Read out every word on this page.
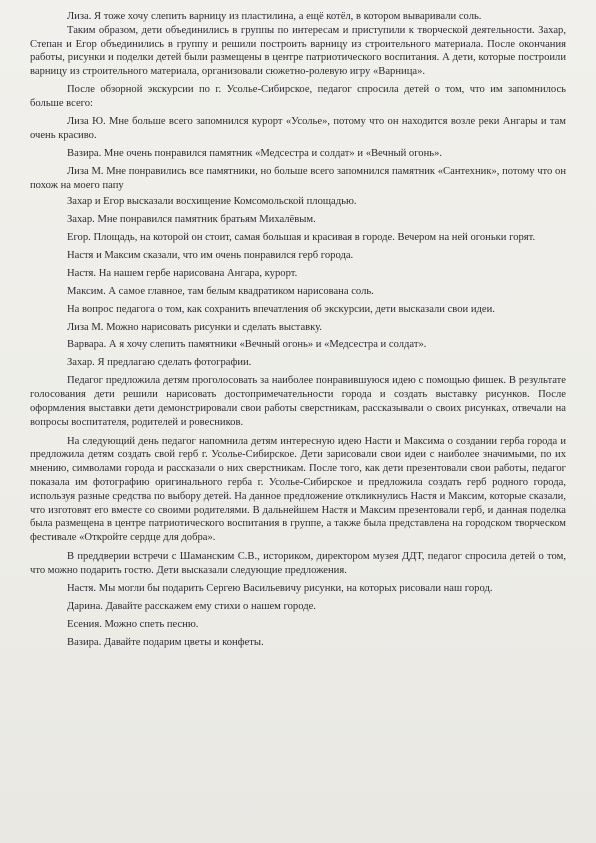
Лиза. Я тоже хочу слепить варницу из пластилина, а ещё котёл, в котором вываривали соль.

Таким образом, дети объединились в группы по интересам и приступили к творческой деятельности. Захар, Степан и Егор объединились в группу и решили построить варницу из строительного материала. После окончания работы, рисунки и поделки детей были размещены в центре патриотического воспитания. А дети, которые построили варницу из строительного материала, организовали сюжетно-ролевую игру «Варница».

После обзорной экскурсии по г. Усолье-Сибирское, педагог спросила детей о том, что им запомнилось больше всего:

Лиза Ю. Мне больше всего запомнился курорт «Усолье», потому что он находится возле реки Ангары и там очень красиво.

Вазира. Мне очень понравился памятник «Медсестра и солдат» и «Вечный огонь».

Лиза М. Мне понравились все памятники, но больше всего запомнился памятник «Сантехник», потому что он похож на моего папу

Захар и Егор высказали восхищение Комсомольской площадью.

Захар. Мне понравился памятник братьям Михалёвым.

Егор. Площадь, на которой он стоит, самая большая и красивая в городе. Вечером на ней огоньки горят.

Настя и Максим сказали, что им очень понравился герб города.

Настя. На нашем гербе нарисована Ангара, курорт.

Максим. А самое главное, там белым квадратиком нарисована соль.

На вопрос педагога о том, как сохранить впечатления об экскурсии, дети высказали свои идеи.

Лиза М. Можно нарисовать рисунки и сделать выставку.

Варвара. А я хочу слепить памятники «Вечный огонь» и «Медсестра и солдат».

Захар. Я предлагаю сделать фотографии.

Педагог предложила детям проголосовать за наиболее понравившуюся идею с помощью фишек. В результате голосования дети решили нарисовать достопримечательности города и создать выставку рисунков. После оформления выставки дети демонстрировали свои работы сверстникам, рассказывали о своих рисунках, отвечали на вопросы воспитателя, родителей и ровесников.

На следующий день педагог напомнила детям интересную идею Насти и Максима о создании герба города и предложила детям создать свой герб г. Усолье-Сибирское. Дети зарисовали свои идеи с наиболее значимыми, по их мнению, символами города и рассказали о них сверстникам. После того, как дети презентовали свои работы, педагог показала им фотографию оригинального герба г. Усолье-Сибирское и предложила создать герб родного города, используя разные средства по выбору детей. На данное предложение откликнулись Настя и Максим, которые сказали, что изготовят его вместе со своими родителями. В дальнейшем Настя и Максим презентовали герб, и данная поделка была размещена в центре патриотического воспитания в группе, а также была представлена на городском творческом фестивале «Откройте сердце для добра».

В преддверии встречи с Шаманским С.В., историком, директором музея ДДТ, педагог спросила детей о том, что можно подарить гостю. Дети высказали следующие предложения.

Настя. Мы могли бы подарить Сергею Васильевичу рисунки, на которых рисовали наш город.

Дарина. Давайте расскажем ему стихи о нашем городе.

Есения. Можно спеть песню.

Вазира. Давайте подарим цветы и конфеты.
